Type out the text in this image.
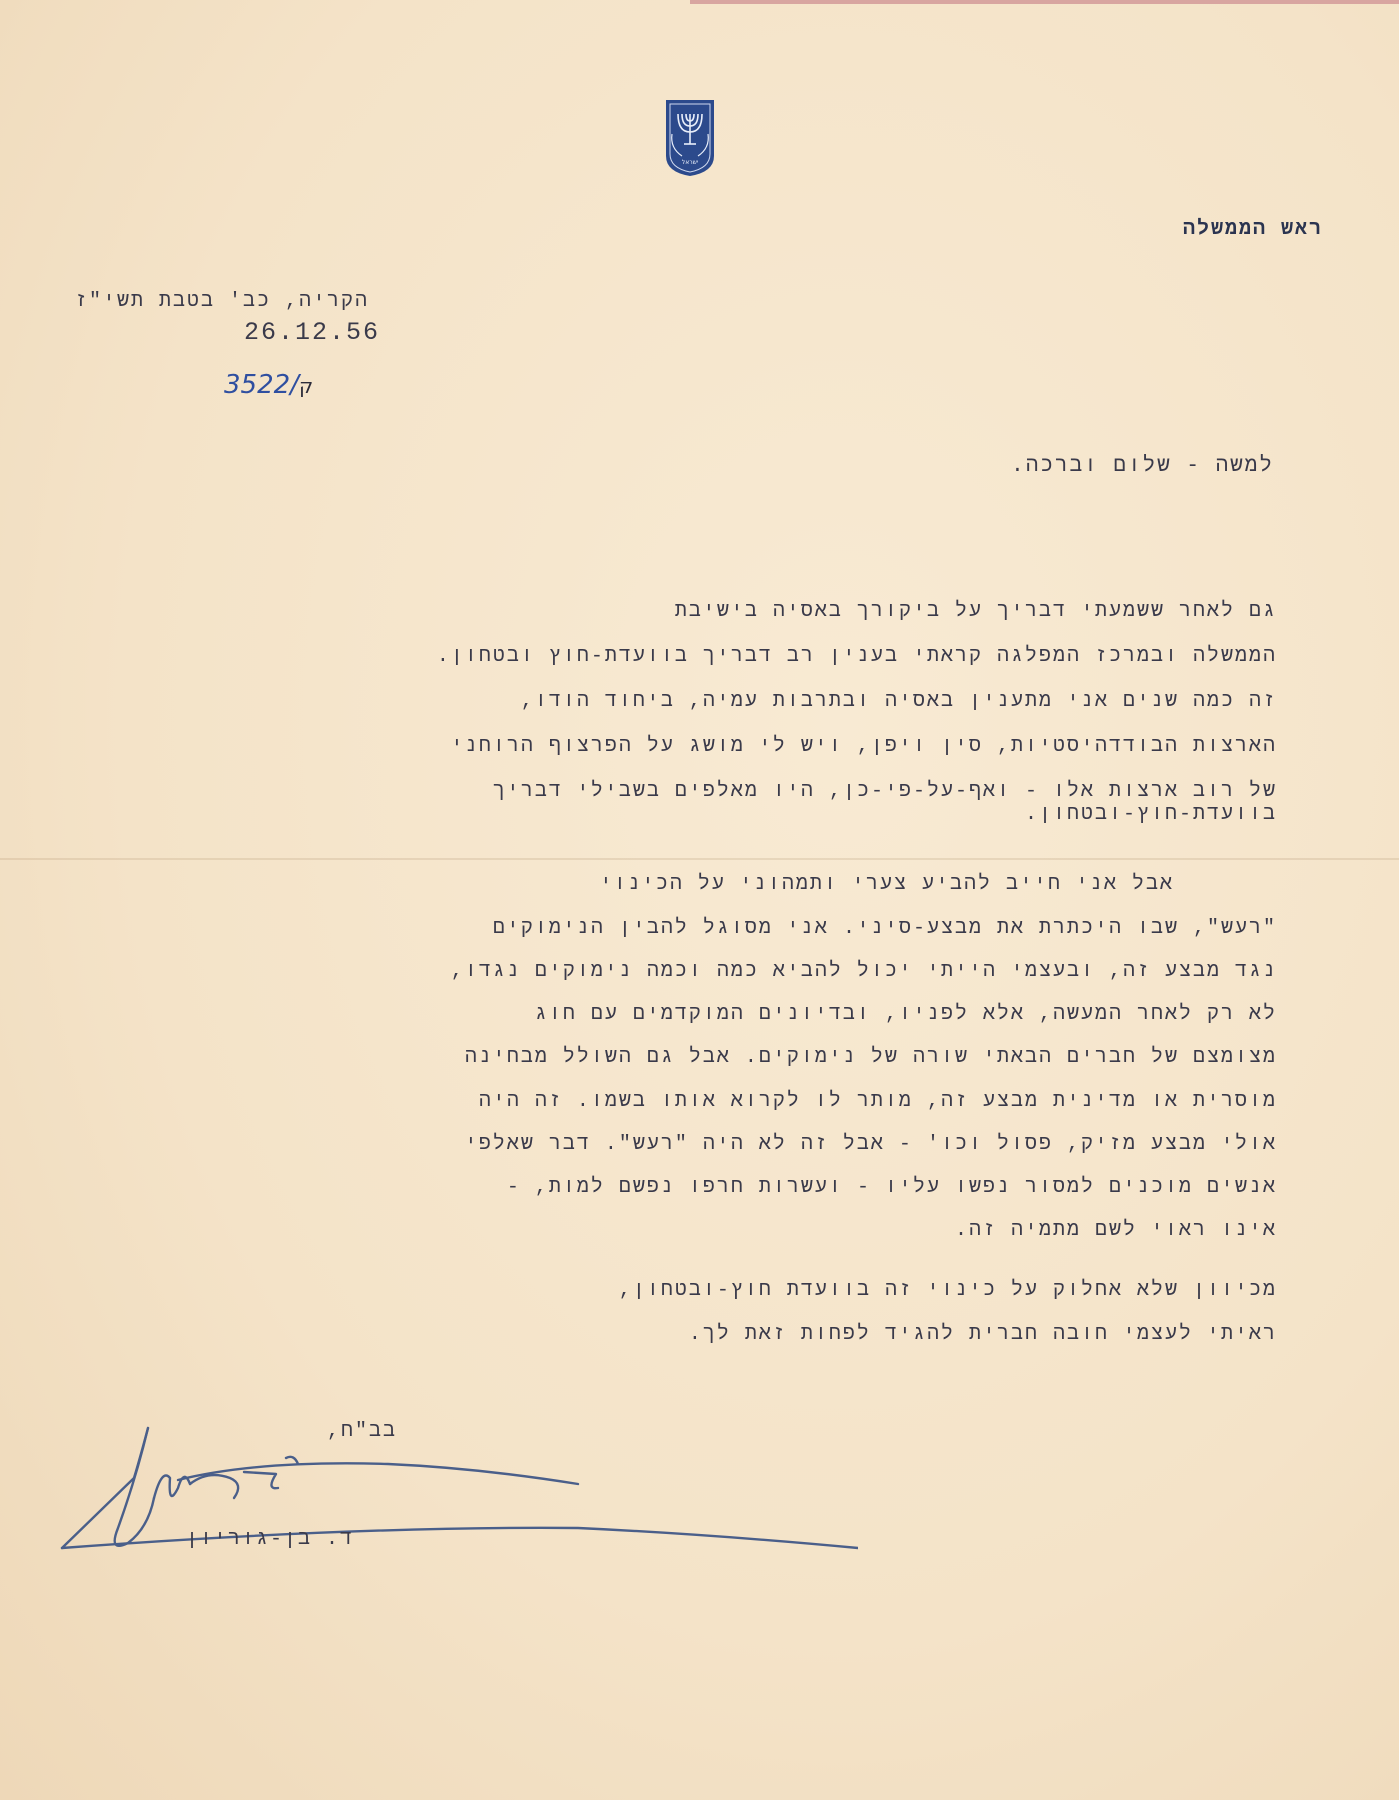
ישראל
ראש הממשלה
הקריה, כב' בטבת תשי"ז
26.12.56
3522/ק
למשה - שלום וברכה.
גם לאחר ששמעתי דבריך על ביקורך באסיה בישיבת
הממשלה ובמרכז המפלגה קראתי בענין רב דבריך בוועדת-חוץ ובטחון.
זה כמה שנים אני מתענין באסיה ובתרבות עמיה, ביחוד הודו,
הארצות הבודדהיסטיות, סין ויפן, ויש לי מושג על הפרצוף הרוחני
של רוב ארצות אלו - ואף-על-פי-כן, היו מאלפים בשבילי דבריך
בוועדת-חוץ-ובטחון.
אבל אני חייב להביע צערי ותמהוני על הכינוי
"רעש", שבו היכתרת את מבצע-סיני. אני מסוגל להבין הנימוקים
נגד מבצע זה, ובעצמי הייתי יכול להביא כמה וכמה נימוקים נגדו,
לא רק לאחר המעשה, אלא לפניו, ובדיונים המוקדמים עם חוג
מצומצם של חברים הבאתי שורה של נימוקים. אבל גם השולל מבחינה
מוסרית או מדינית מבצע זה, מותר לו לקרוא אותו בשמו. זה היה
אולי מבצע מזיק, פסול וכו' - אבל זה לא היה "רעש". דבר שאלפי
אנשים מוכנים למסור נפשו עליו - ועשרות חרפו נפשם למות, -
אינו ראוי לשם מתמיה זה.
מכיוון שלא אחלוק על כינוי זה בוועדת חוץ-ובטחון,
ראיתי לעצמי חובה חברית להגיד לפחות זאת לך.
בב"ח,
ד. בן-גוריון
